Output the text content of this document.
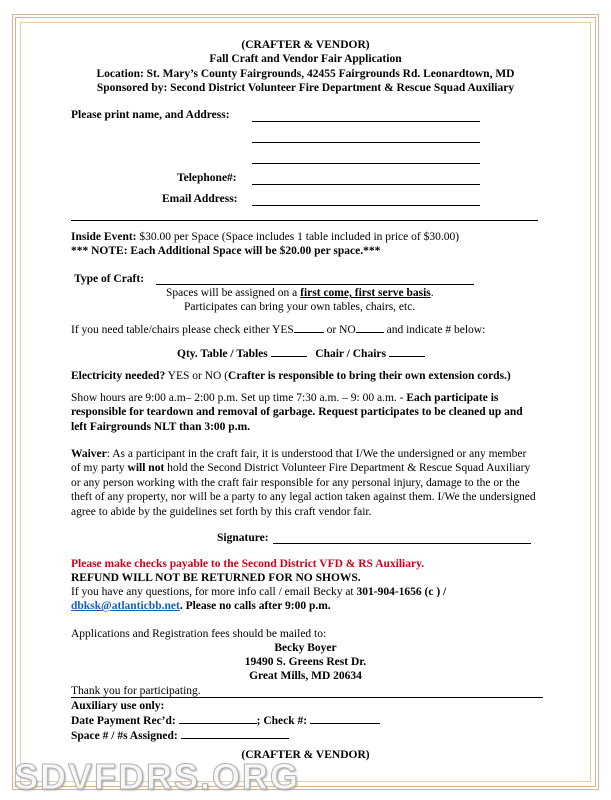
(CRAFTER & VENDOR)
Fall Craft and Vendor Fair Application
Location: St. Mary’s County Fairgrounds, 42455 Fairgrounds Rd. Leonardtown, MD
Sponsored by: Second District Volunteer Fire Department & Rescue Squad Auxiliary
Please print name, and Address:
Telephone#:
Email Address:
Inside Event: $30.00 per Space (Space includes 1 table included in price of $30.00)
*** NOTE: Each Additional Space will be $20.00 per space.***
Type of Craft:
Spaces will be assigned on a first come, first serve basis.
Participates can bring your own tables, chairs, etc.
If you need table/chairs please check either YES	or NO and indicate # below:
Qty. Table / Tables	Chair / Chairs
Electricity needed? YES or NO (Crafter is responsible to bring their own extension cords.)
Show hours are 9:00 a.m– 2:00 p.m. Set up time 7:30 a.m. – 9: 00 a.m. - Each participate is responsible for teardown and removal of garbage. Request participates to be cleaned up and left Fairgrounds NLT than 3:00 p.m.
Waiver: As a participant in the craft fair, it is understood that I/We the undersigned or any member of my party will not hold the Second District Volunteer Fire Department & Rescue Squad Auxiliary or any person working with the craft fair responsible for any personal injury, damage to the or the theft of any property, nor will be a party to any legal action taken against them. I/We the undersigned agree to abide by the guidelines set forth by this craft vendor fair.
Signature:
Please make checks payable to the Second District VFD & RS Auxiliary.
REFUND WILL NOT BE RETURNED FOR NO SHOWS.
If you have any questions, for more info call / email Becky at 301-904-1656 (c ) /
dbksk@atlanticbb.net. Please no calls after 9:00 p.m.
Applications and Registration fees should be mailed to:
Becky Boyer
19490 S. Greens Rest Dr.
Great Mills, MD 20634
Thank you for participating.
Auxiliary use only:
Date Payment Rec’d:	; Check #:
Space # / #s Assigned:
(CRAFTER & VENDOR)
SDVFDRS.ORG
